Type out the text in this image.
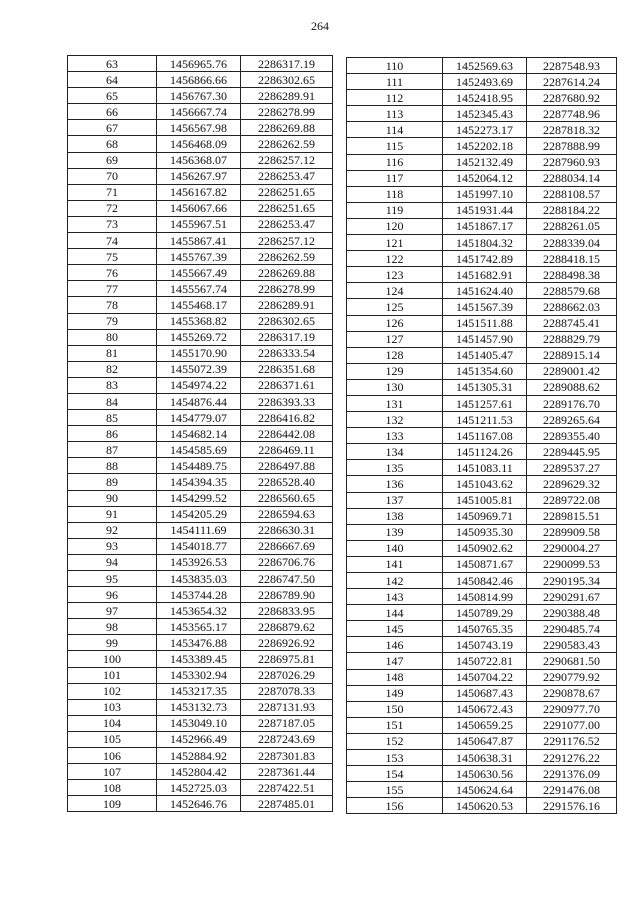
264
63	1456965.76	2286317.19
64	1456866.66	2286302.65
65	1456767.30	2286289.91
66	1456667.74	2286278.99
67	1456567.98	2286269.88
68	1456468.09	2286262.59
69	1456368.07	2286257.12
70	1456267.97	2286253.47
71	1456167.82	2286251.65
72	1456067.66	2286251.65
73	1455967.51	2286253.47
74	1455867.41	2286257.12
75	1455767.39	2286262.59
76	1455667.49	2286269.88
77	1455567.74	2286278.99
78	1455468.17	2286289.91
79	1455368.82	2286302.65
80	1455269.72	2286317.19
81	1455170.90	2286333.54
82	1455072.39	2286351.68
83	1454974.22	2286371.61
84	1454876.44	2286393.33
85	1454779.07	2286416.82
86	1454682.14	2286442.08
87	1454585.69	2286469.11
88	1454489.75	2286497.88
89	1454394.35	2286528.40
90	1454299.52	2286560.65
91	1454205.29	2286594.63
92	1454111.69	2286630.31
93	1454018.77	2286667.69
94	1453926.53	2286706.76
95	1453835.03	2286747.50
96	1453744.28	2286789.90
97	1453654.32	2286833.95
98	1453565.17	2286879.62
99	1453476.88	2286926.92
100	1453389.45	2286975.81
101	1453302.94	2287026.29
102	1453217.35	2287078.33
103	1453132.73	2287131.93
104	1453049.10	2287187.05
105	1452966.49	2287243.69
106	1452884.92	2287301.83
107	1452804.42	2287361.44
108	1452725.03	2287422.51
109	1452646.76	2287485.01
110	1452569.63	2287548.93
111	1452493.69	2287614.24
112	1452418.95	2287680.92
113	1452345.43	2287748.96
114	1452273.17	2287818.32
115	1452202.18	2287888.99
116	1452132.49	2287960.93
117	1452064.12	2288034.14
118	1451997.10	2288108.57
119	1451931.44	2288184.22
120	1451867.17	2288261.05
121	1451804.32	2288339.04
122	1451742.89	2288418.15
123	1451682.91	2288498.38
124	1451624.40	2288579.68
125	1451567.39	2288662.03
126	1451511.88	2288745.41
127	1451457.90	2288829.79
128	1451405.47	2288915.14
129	1451354.60	2289001.42
130	1451305.31	2289088.62
131	1451257.61	2289176.70
132	1451211.53	2289265.64
133	1451167.08	2289355.40
134	1451124.26	2289445.95
135	1451083.11	2289537.27
136	1451043.62	2289629.32
137	1451005.81	2289722.08
138	1450969.71	2289815.51
139	1450935.30	2289909.58
140	1450902.62	2290004.27
141	1450871.67	2290099.53
142	1450842.46	2290195.34
143	1450814.99	2290291.67
144	1450789.29	2290388.48
145	1450765.35	2290485.74
146	1450743.19	2290583.43
147	1450722.81	2290681.50
148	1450704.22	2290779.92
149	1450687.43	2290878.67
150	1450672.43	2290977.70
151	1450659.25	2291077.00
152	1450647.87	2291176.52
153	1450638.31	2291276.22
154	1450630.56	2291376.09
155	1450624.64	2291476.08
156	1450620.53	2291576.16
